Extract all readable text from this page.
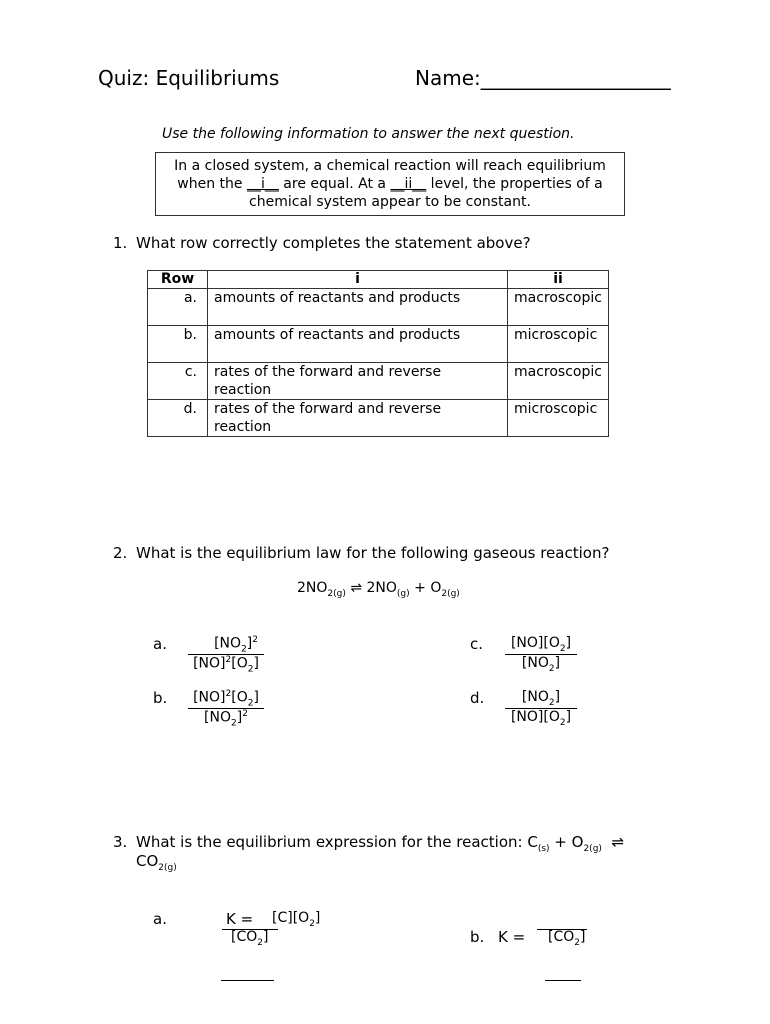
Quiz: Equilibriums	Name:___________________
Use the following information to answer the next question.
In a closed system, a chemical reaction will reach equilibrium when the __i__ are equal. At a __ii__ level, the properties of a chemical system appear to be constant.
1. What row correctly completes the statement above?
Row	i	ii
a.	amounts of reactants and products	macroscopic
b.	amounts of reactants and products	microscopic
c.	rates of the forward and reverse reaction	macroscopic
d.	rates of the forward and reverse reaction	microscopic
2. What is the equilibrium law for the following gaseous reaction?
$2NO_{2(g)}$ ⇌ $2NO_{(g)} + O_{2(g)}$
a. $\frac{[NO_2]^2}{[NO]^2[O_2]}$
b. $\frac{[NO]^2[O_2]}{[NO_2]^2}$
c. $\frac{[NO][O_2]}{[NO_2]}$
d. $\frac{[NO_2]}{[NO][O_2]}$
3. What is the equilibrium expression for the reaction: $C_{(s)} + O_{2(g)}$ ⇌
$CO_{2(g)}$
a.	$K = [C][O_2]$
$[CO_2]$	b. $K = [CO_2]$
